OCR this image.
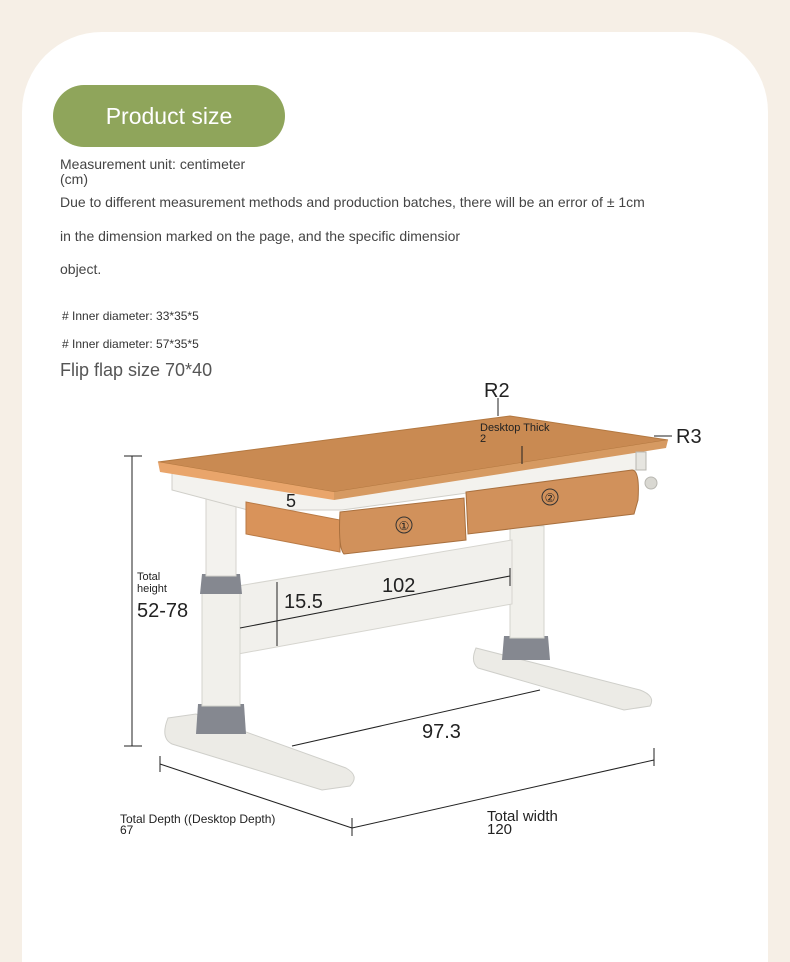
Product size
Measurement unit: centimeter
(cm)
Due to different measurement methods and production batches, there will be an error of ± 1cm
in the dimension marked on the page, and the specific dimensior
object.
# Inner diameter: 33*35*5
# Inner diameter: 57*35*5
Flip flap size 70*40
①
②
R2
R3
Desktop Thick
2
5
102
15.5
Total
height
52-78
97.3
Total Depth ((Desktop Depth)
67
Total width
120
